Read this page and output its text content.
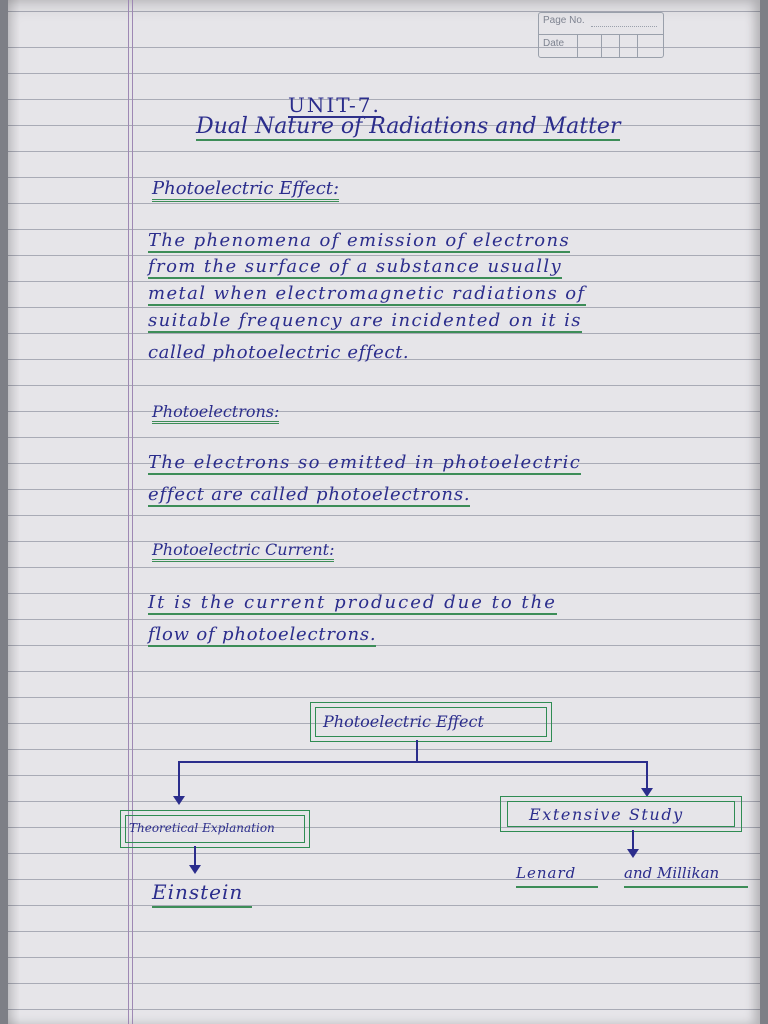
Page No.
Date
UNIT-7.
Dual Nature of Radiations and Matter
Photoelectric Effect:
The phenomena of emission of electrons
from the surface of a substance usually
metal when electromagnetic radiations of
suitable frequency are incidented on it is
called photoelectric effect.
Photoelectrons:
The electrons so emitted in photoelectric
effect are called photoelectrons.
Photoelectric Current:
It is the current produced due to the
flow of photoelectrons.
Photoelectric Effect
Theoretical Explanation
Extensive Study
Einstein
Lenard	and Millikan
